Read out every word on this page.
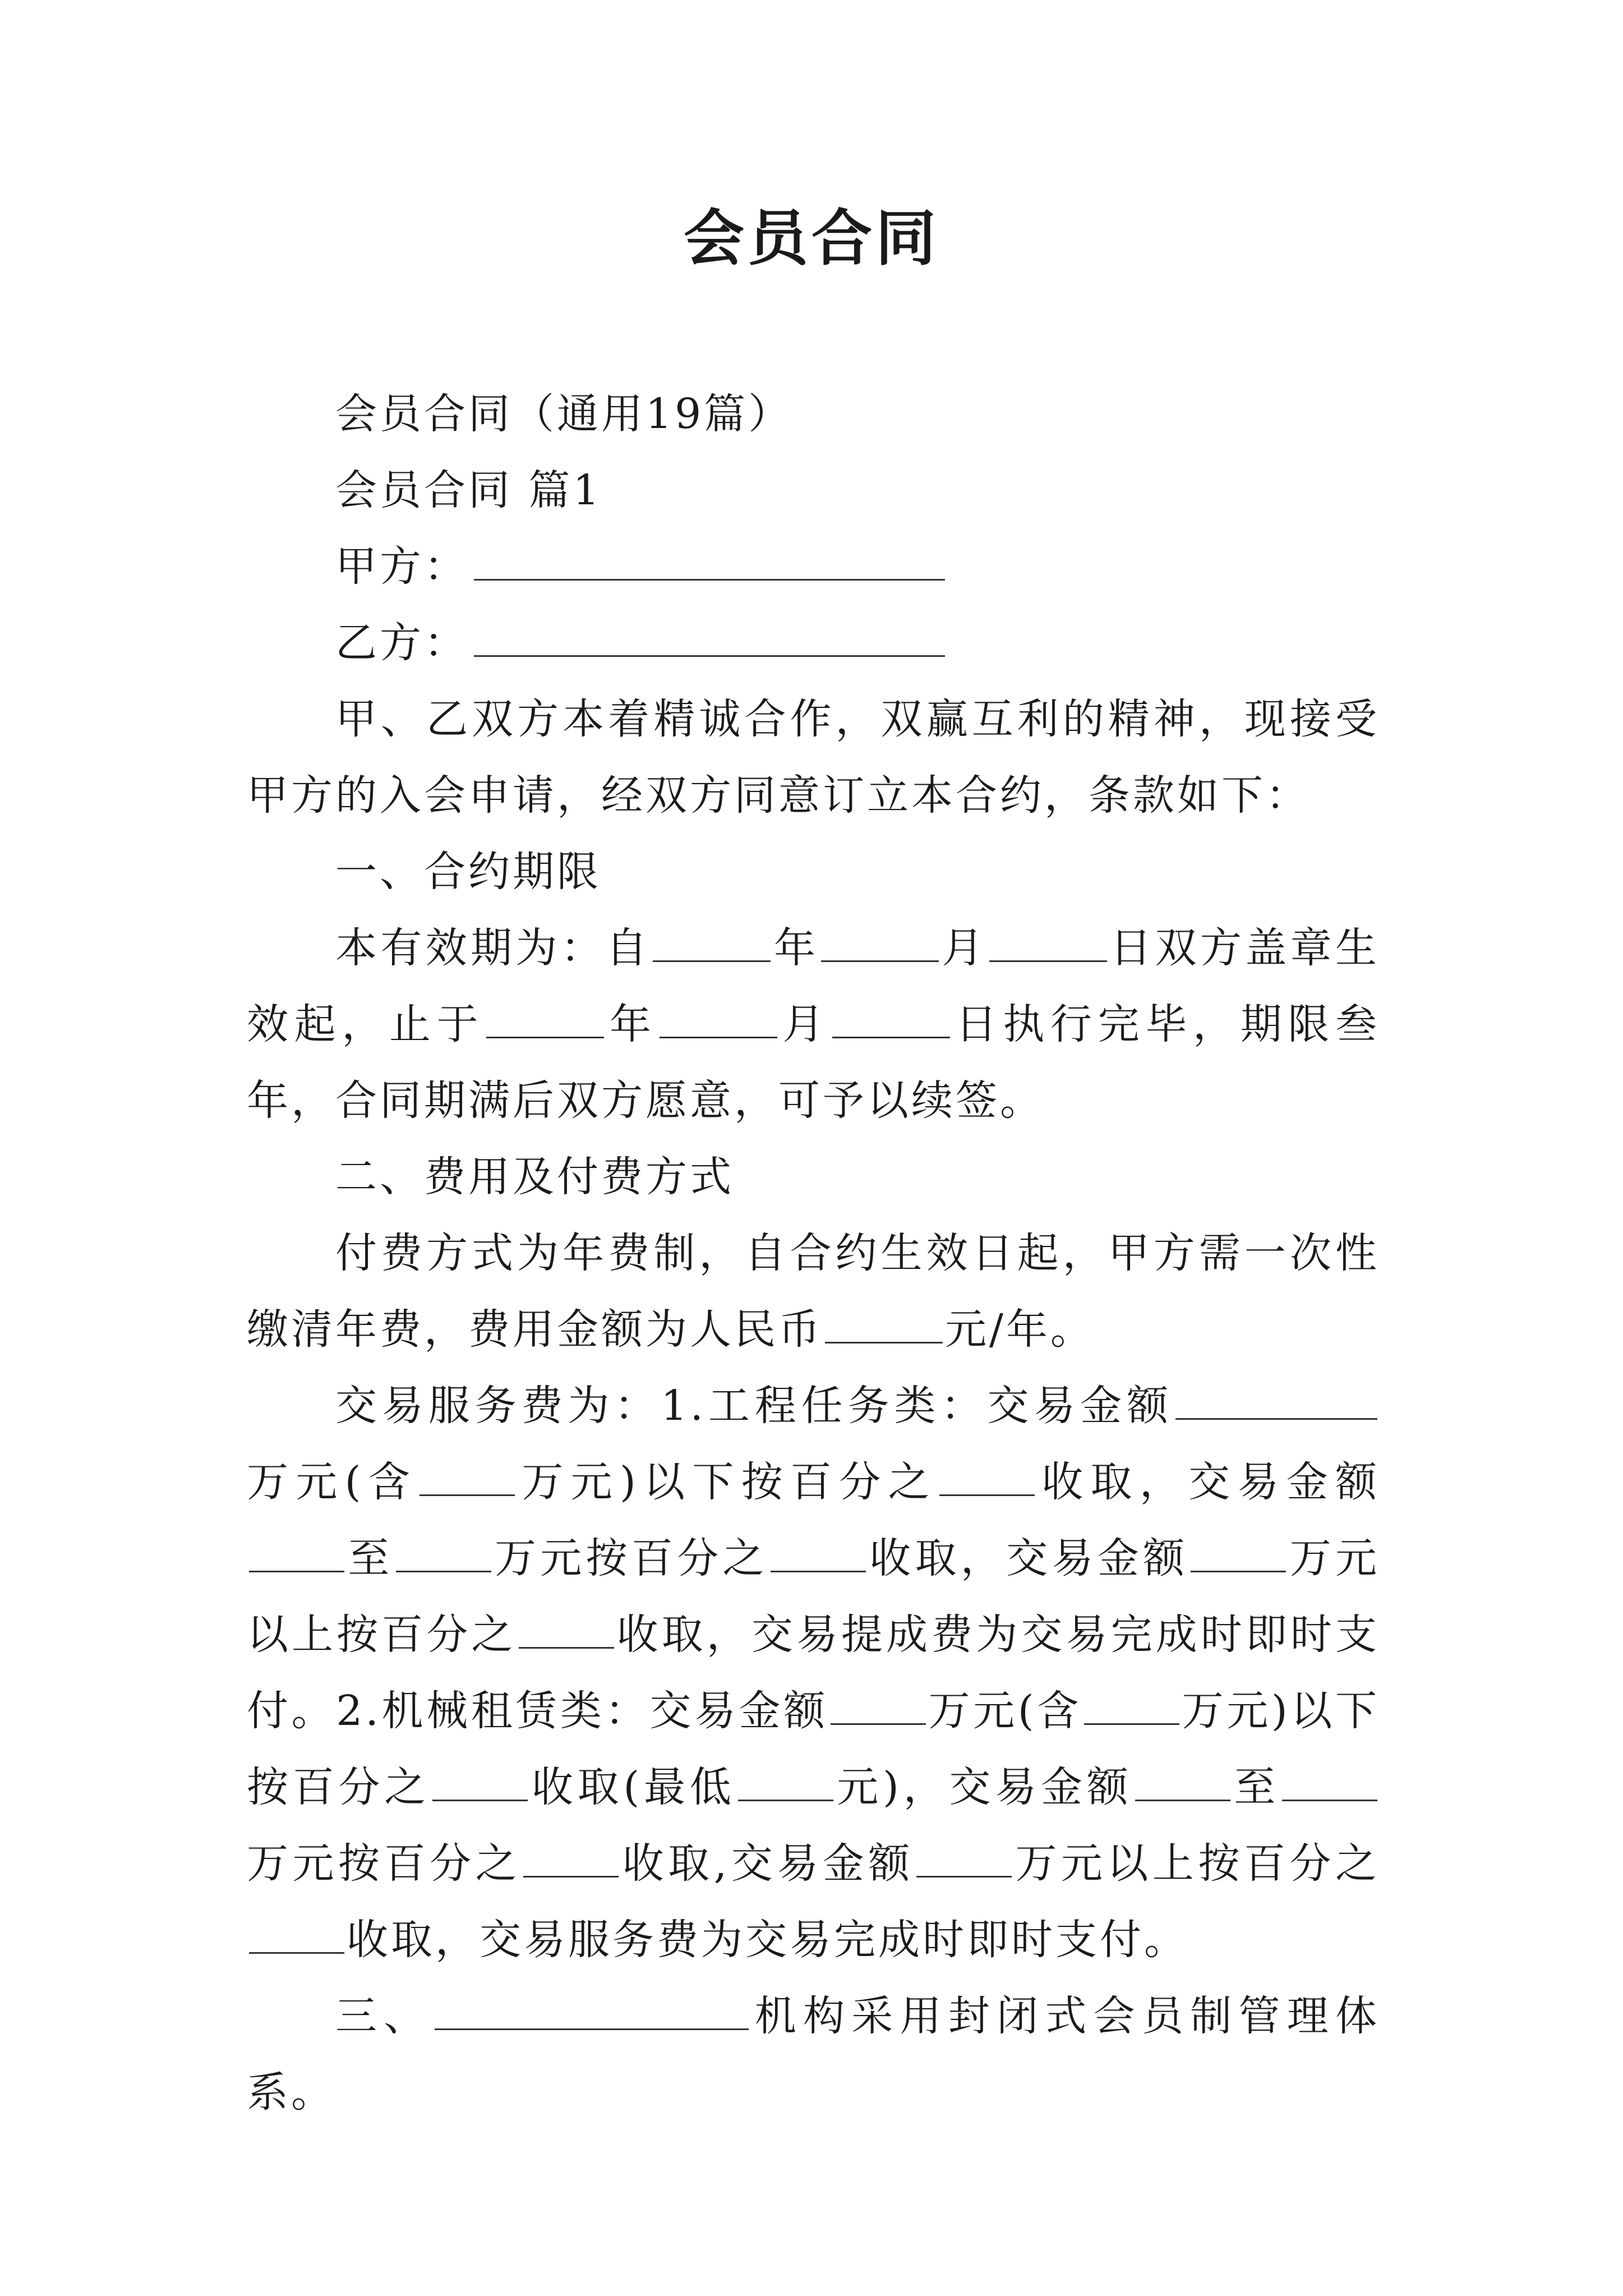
会员合同

会员合同（通用19篇）

会员合同 篇1

甲方：

乙方：

甲、乙双方本着精诚合作，双赢互利的精神，现接受甲方的入会申请，经双方同意订立本合约，条款如下：

一、合约期限

本有效期为：自	年	月	日双方盖章生效起，止于	年	月	日执行完毕，期限叁年，合同期满后双方愿意，可予以续签。

二、费用及付费方式

付费方式为年费制，自合约生效日起，甲方需一次性缴清年费，费用金额为人民币	元/年。

交易服务费为：1.工程任务类：交易金额万元(含 万元)以下按百分之 收取，交易金额至 万元按百分之 收取，交易金额 万元以上按百分之 收取，交易提成费为交易完成时即时支付。2.机械租赁类：交易金额 万元(含 万元)以下按百分之 收取(最低 元)，交易金额 至万元按百分之 收取,交易金额 万元以上按百分之收取，交易服务费为交易完成时即时支付。

三、	机构采用封闭式会员制管理体系。
